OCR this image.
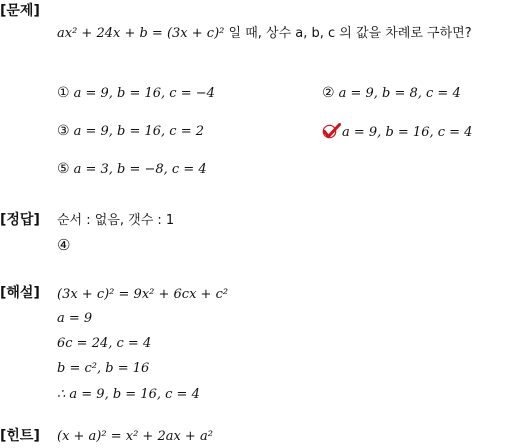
[문제]
ax² + 24x + b = (3x + c)² 일 때, 상수 a, b, c 의 값을 차례로 구하면?
① a = 9, b = 16, c = −4	② a = 9, b = 8, c = 4
③ a = 9, b = 16, c = 2	a = 9, b = 16, c = 4
⑤ a = 3, b = −8, c = 4
[정답] 순서 : 없음, 갯수 : 1
④
[해설] (3x + c)² = 9x² + 6cx + c²
a = 9
6c = 24, c = 4
b = c², b = 16
∴ a = 9, b = 16, c = 4
[힌트] (x + a)² = x² + 2ax + a²
